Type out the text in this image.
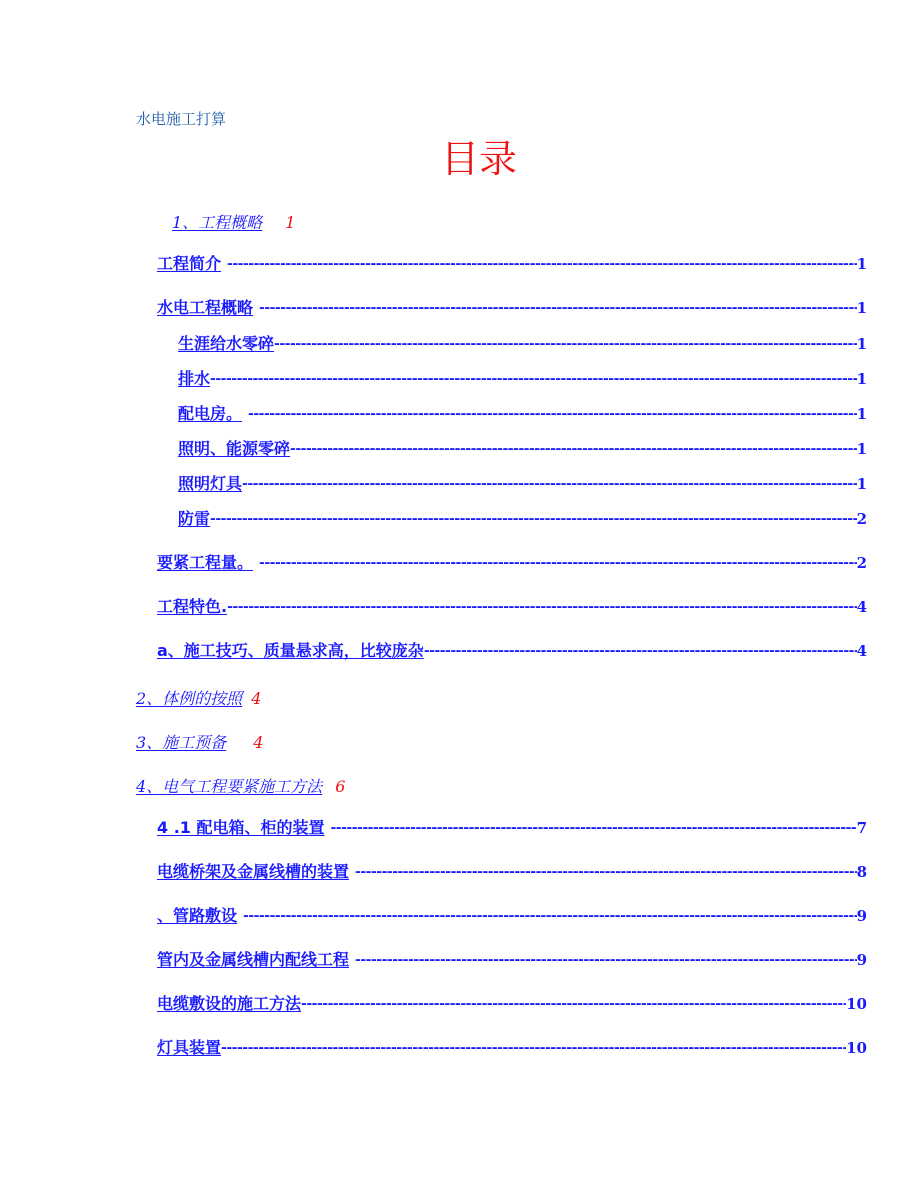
水电施工打算
目录
1、工程概略 1
工程简介 -----	1
水电工程概略 -----	1
生涯给水零碎 -----	1
排水 -----	1
配电房。 -----	1
照明、能源零碎 -----	1
照明灯具 -----	1
防雷 -----	2
要紧工程量。 -----	2
工程特色. -----	4
a、施工技巧、质量悬求高，比较庞杂 -----	4
2、体例的按照 4
3、施工预备 4
4、电气工程要紧施工方法 6
4 .1 配电箱、柜的装置 -----	7
电缆桥架及金属线槽的装置 -----	8
、管路敷设 -----	9
管内及金属线槽内配线工程 -----	9
电缆敷设的施工方法 -----	10
灯具装置 -----	10
